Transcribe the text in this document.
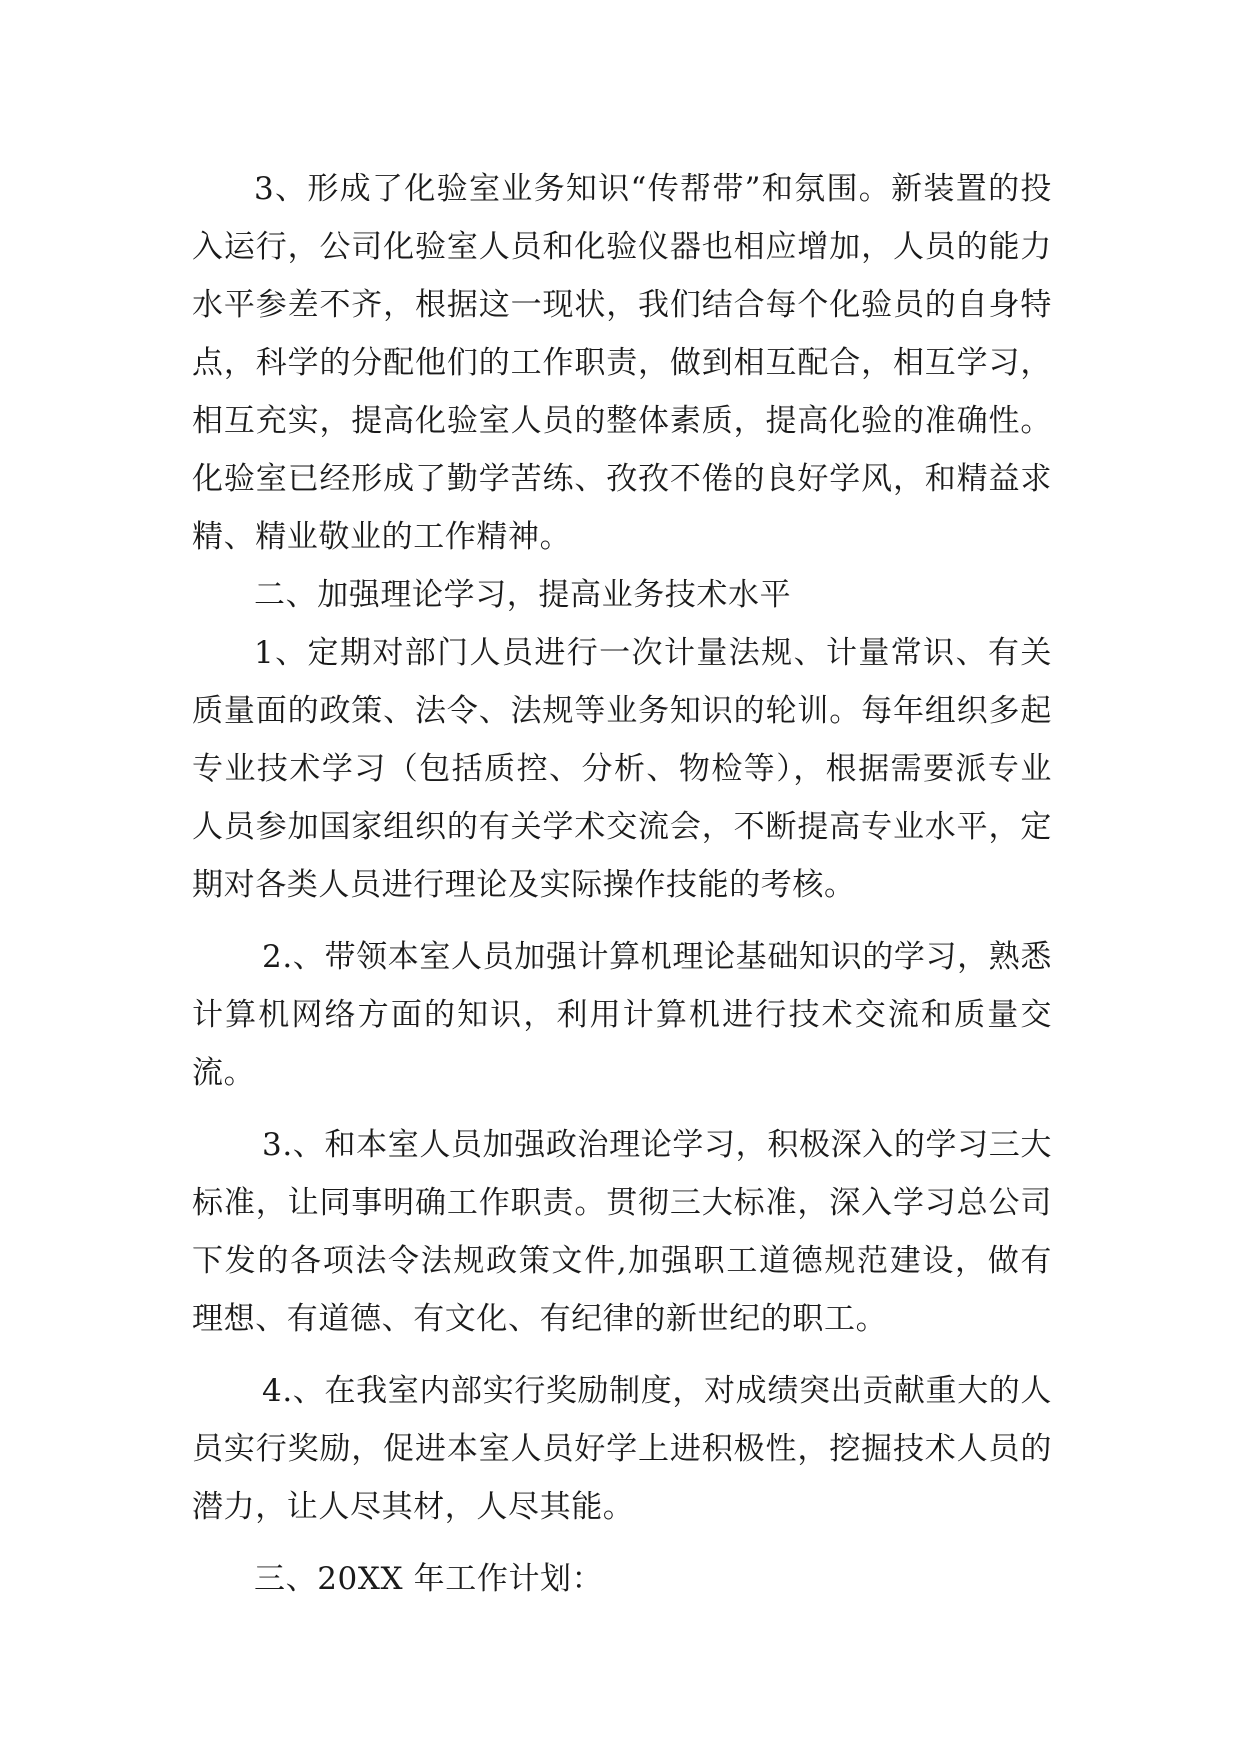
3、形成了化验室业务知识“传帮带”和氛围。新装置的投入运行，公司化验室人员和化验仪器也相应增加，人员的能力水平参差不齐，根据这一现状，我们结合每个化验员的自身特点，科学的分配他们的工作职责，做到相互配合，相互学习，相互充实，提高化验室人员的整体素质，提高化验的准确性。化验室已经形成了勤学苦练、孜孜不倦的良好学风，和精益求精、精业敬业的工作精神。

二、加强理论学习，提高业务技术水平

1、定期对部门人员进行一次计量法规、计量常识、有关质量面的政策、法令、法规等业务知识的轮训。每年组织多起专业技术学习（包括质控、分析、物检等），根据需要派专业人员参加国家组织的有关学术交流会，不断提高专业水平，定期对各类人员进行理论及实际操作技能的考核。

2.、带领本室人员加强计算机理论基础知识的学习，熟悉计算机网络方面的知识，利用计算机进行技术交流和质量交流。

3.、和本室人员加强政治理论学习，积极深入的学习三大标准，让同事明确工作职责。贯彻三大标准，深入学习总公司下发的各项法令法规政策文件,加强职工道德规范建设，做有理想、有道德、有文化、有纪律的新世纪的职工。

4.、在我室内部实行奖励制度，对成绩突出贡献重大的人员实行奖励，促进本室人员好学上进积极性，挖掘技术人员的潜力，让人尽其材，人尽其能。

三、20XX 年工作计划：
